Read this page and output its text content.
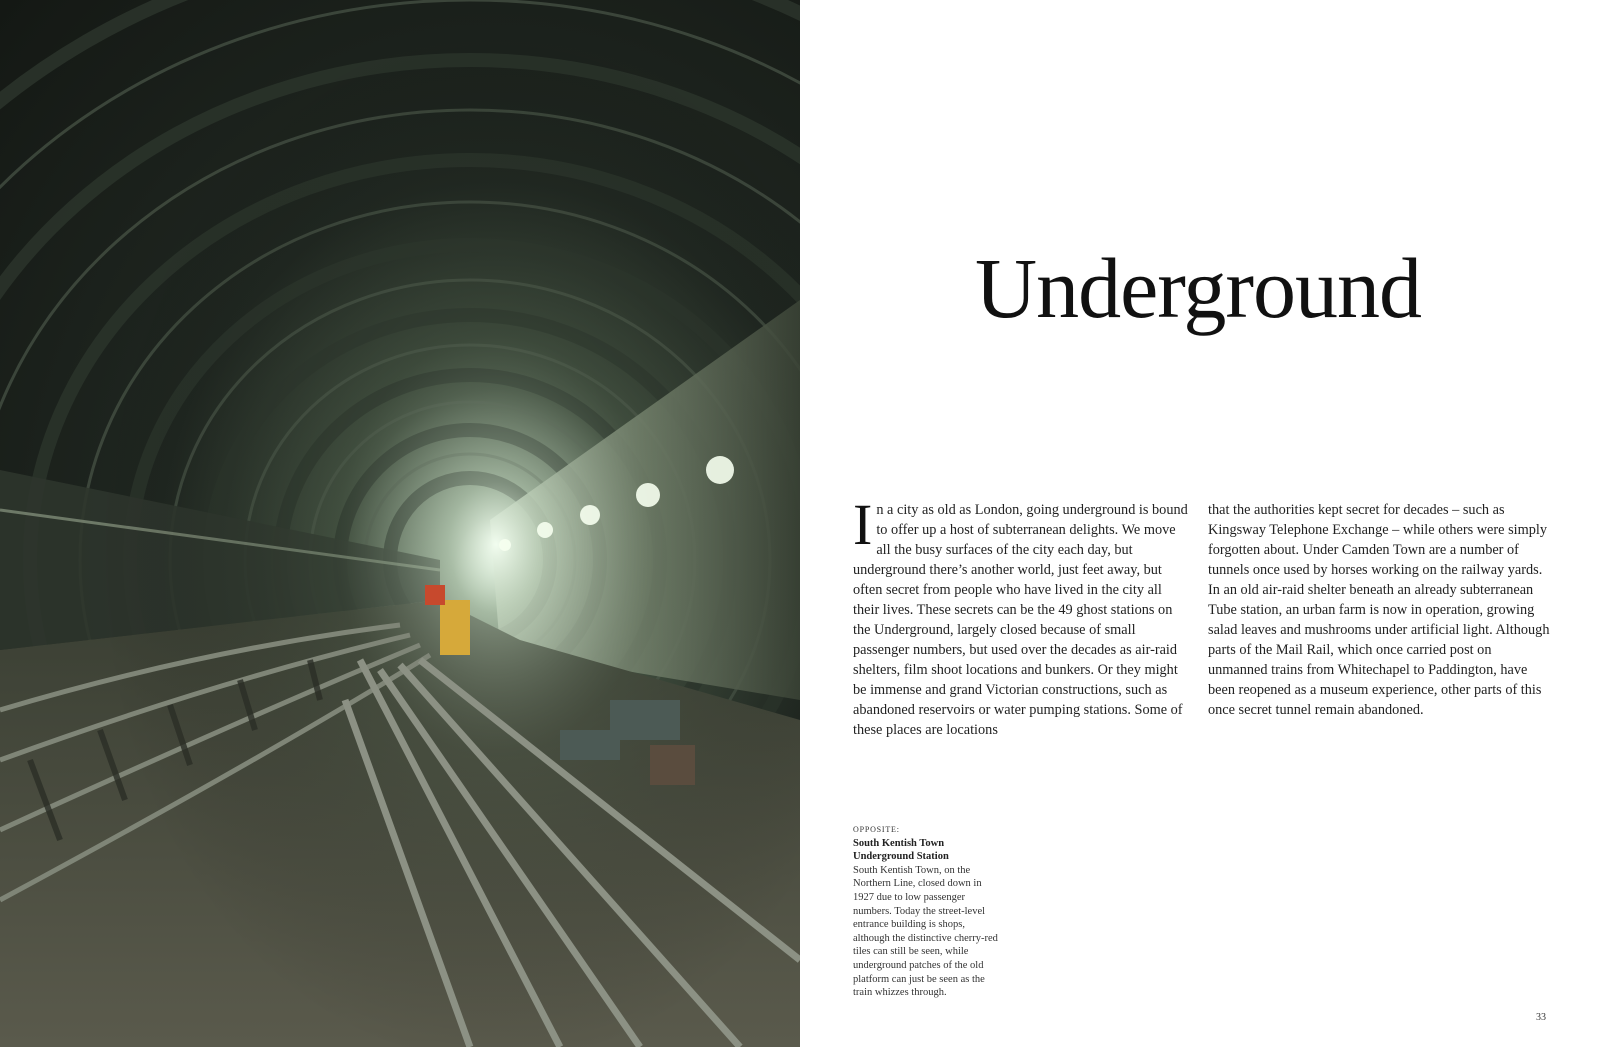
Underground

In a city as old as London, going underground is bound to offer up a host of subterranean delights. We move all the busy surfaces of the city each day, but underground there’s another world, just feet away, but often secret from people who have lived in the city all their lives. These secrets can be the 49 ghost stations on the Underground, largely closed because of small passenger numbers, but used over the decades as air-raid shelters, film shoot locations and bunkers. Or they might be immense and grand Victorian constructions, such as abandoned reservoirs or water pumping stations. Some of these places are locations

that the authorities kept secret for decades – such as Kingsway Telephone Exchange – while others were simply forgotten about. Under Camden Town are a number of tunnels once used by horses working on the railway yards. In an old air-raid shelter beneath an already subterranean Tube station, an urban farm is now in operation, growing salad leaves and mushrooms under artificial light. Although parts of the Mail Rail, which once carried post on unmanned trains from Whitechapel to Paddington, have been reopened as a museum experience, other parts of this once secret tunnel remain abandoned.

OPPOSITE:
South Kentish Town
Underground Station
South Kentish Town, on the Northern Line, closed down in 1927 due to low passenger numbers. Today the street-level entrance building is shops, although the distinctive cherry-red tiles can still be seen, while underground patches of the old platform can just be seen as the train whizzes through.
33
